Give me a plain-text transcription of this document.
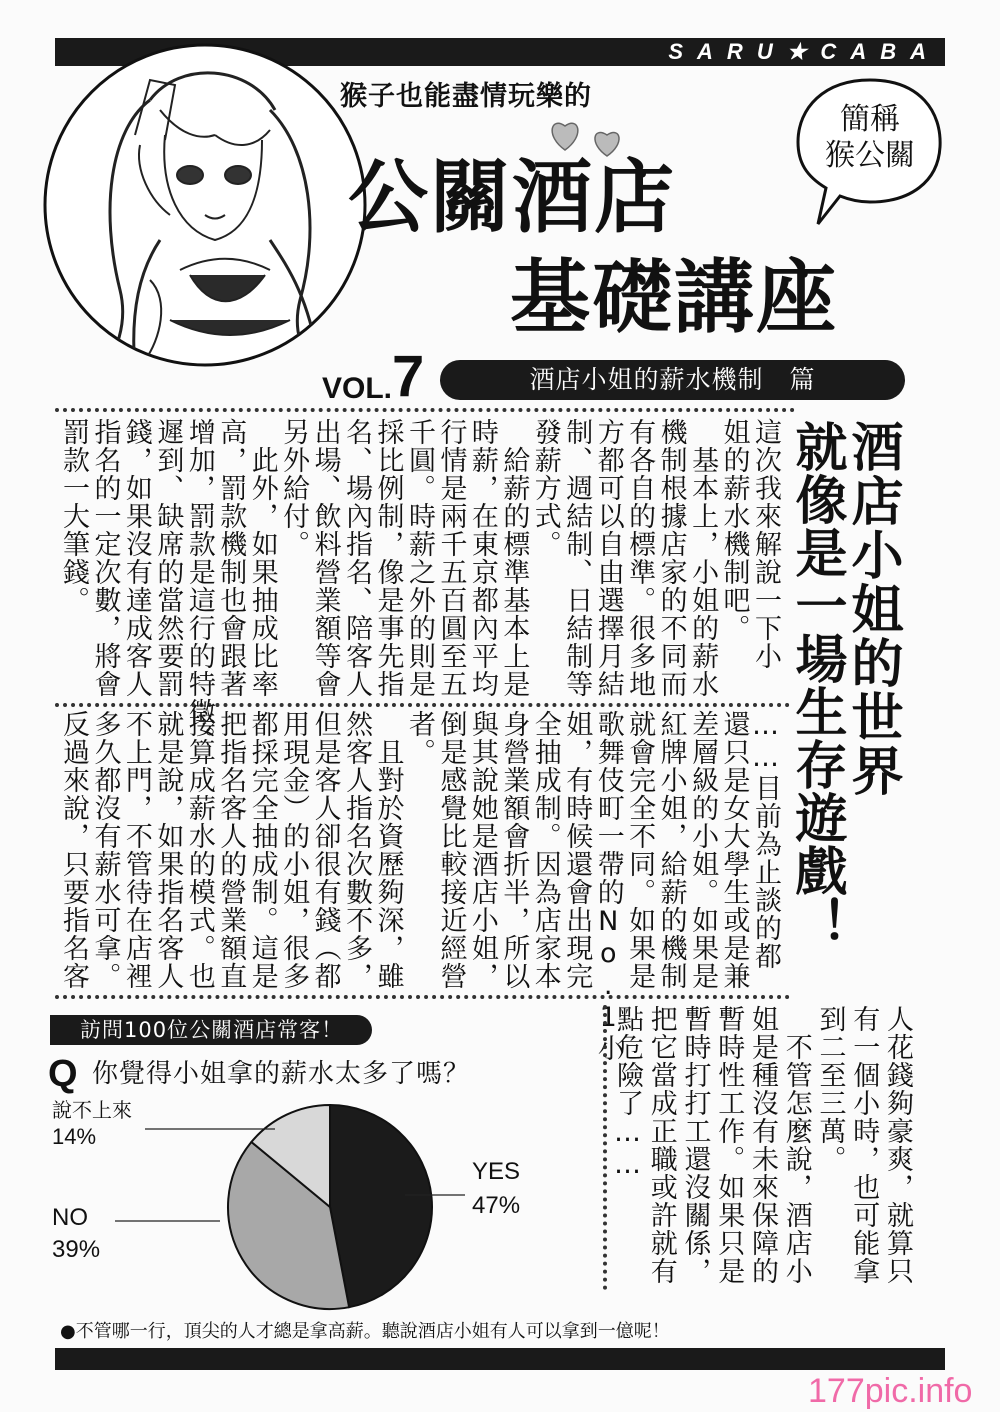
SARU★CABA
猴子也能盡情玩樂的
公關酒店
基礎講座
簡稱
猴公關
VOL.7	酒店小姐的薪水機制　篇
酒店小姐的世界
就像是一場生存遊戲！
這次我來解說一下小
姐的薪水機制吧。
　基本上，小姐的薪水
機制根據店家的不同而
有各自的標準。很多地
方都可以自由選擇月結
制、週結制、日結制等
發薪方式。
　給薪的標準基本上是
時薪，在東京都內平均
行情是兩千五百圓至五
千圓。時薪之外的則是
採比例制，像是事先指
名、場內指名、陪客人
出場、飲料營業額等會
另外給付。
　此外，如果抽成比率
高，罰款機制也會跟著
增加，罰款是這行的特徵。
遲到、缺席的當然要罰
錢，如果沒有達成客人
指名的一定次數，將會
罰款一大筆錢。
……目前為止談的都
還只是女大學生或是兼
差層級的小姐。如果是
紅牌小姐，給薪的機制
就會完全不同。如果是
歌舞伎町一帶的No.1小
姐，有時候還會出現完
全抽成制。因為店家本
身營業額會折半，所以
與其說她是酒店小姐，
倒是感覺比較接近經營
者。
　且對於資歷夠深，雖
然客人指名次數不多，
但是客人卻很有錢（都
用現金）的小姐，很多
都採完全抽成制。這是
把指名客人的營業額直
接算成薪水的模式。也
就是說，如果指名客人
不上門，不管待在店裡
多久都沒有薪水可拿。
反過來說，只要指名客
人花錢夠豪爽，就算只
有一個小時，也可能拿
到二至三萬。
　不管怎麼說，酒店小
姐是種沒有未來保障的
暫時性工作。如果只是
暫時打打工還沒關係，
把它當成正職或許就有
點危險了……
訪問100位公關酒店常客！
Q 你覺得小姐拿的薪水太多了嗎？
說不上來
14%
NO
39%
YES
47%
●不管哪一行，頂尖的人才總是拿高薪。聽說酒店小姐有人可以拿到一億呢！
177pic.info
